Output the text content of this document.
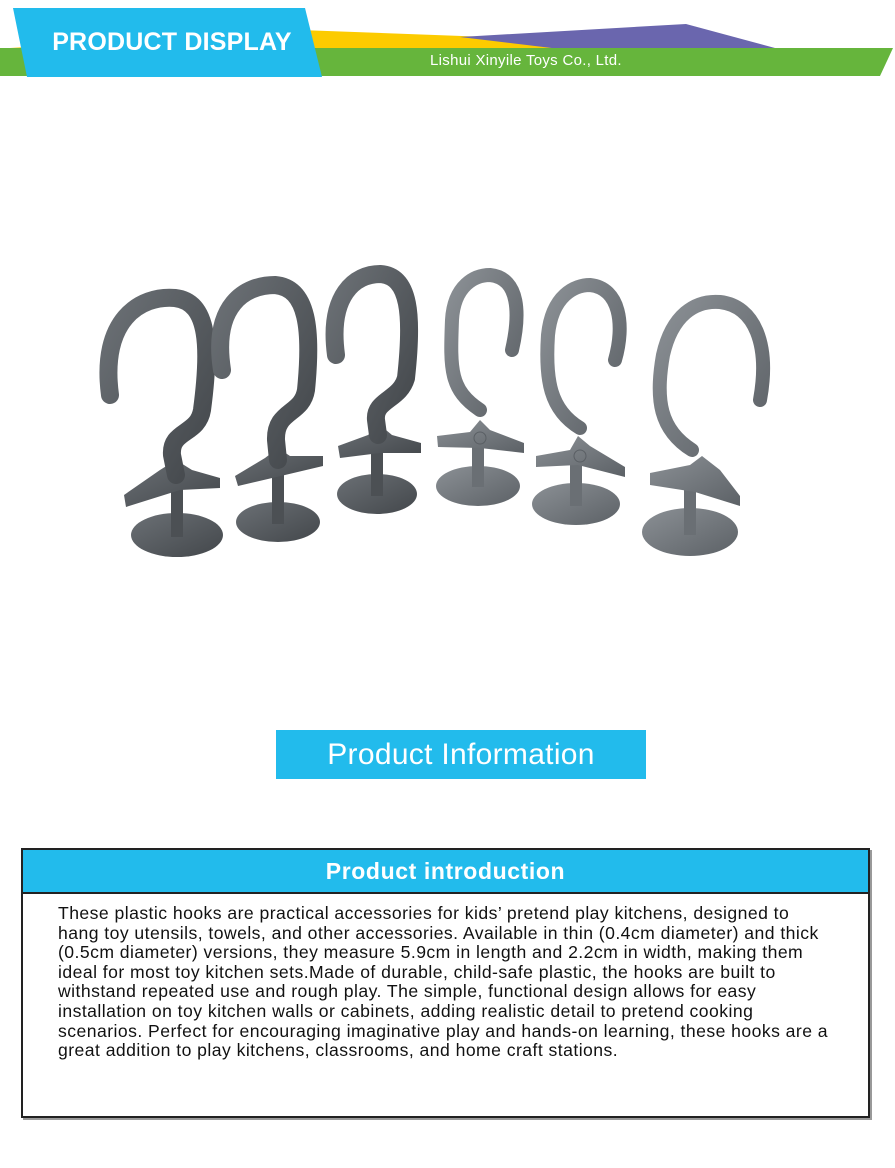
PRODUCT DISPLAY
Lishui Xinyile Toys Co., Ltd.
Product Information
Product introduction
These plastic hooks are practical accessories for kids’ pretend play kitchens, designed to hang toy utensils, towels, and other accessories. Available in thin (0.4cm diameter) and thick (0.5cm diameter) versions, they measure 5.9cm in length and 2.2cm in width, making them ideal for most toy kitchen sets.Made of durable, child-safe plastic, the hooks are built to withstand repeated use and rough play. The simple, functional design allows for easy installation on toy kitchen walls or cabinets, adding realistic detail to pretend cooking scenarios. Perfect for encouraging imaginative play and hands-on learning, these hooks are a great addition to play kitchens, classrooms, and home craft stations.
